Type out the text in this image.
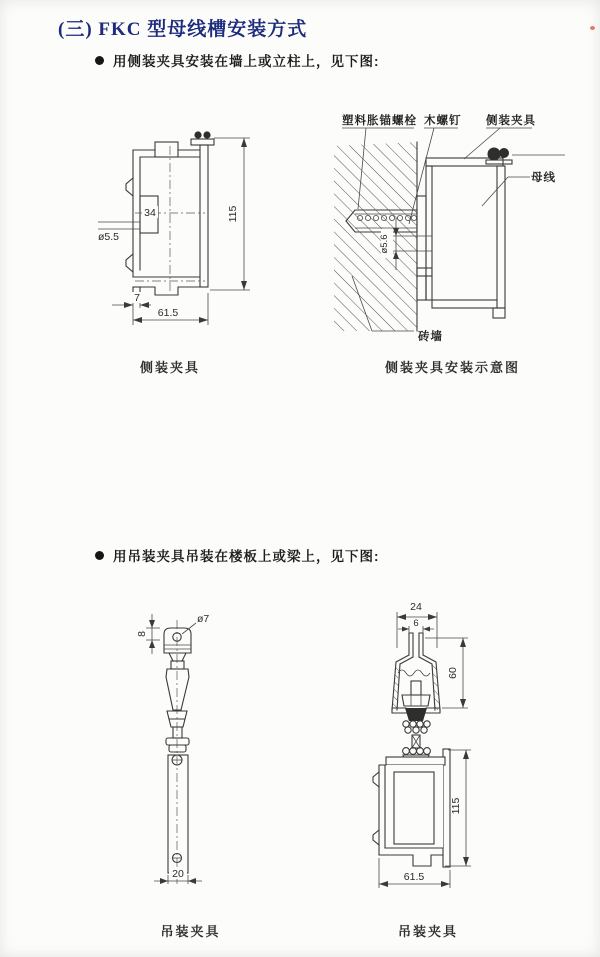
(三) FKC 型母线槽安装方式
用侧装夹具安装在墙上或立柱上，见下图:
34
ø5.5
115
7
61.5
ø5.6
塑料胀锚螺栓 木螺钉 侧装夹具
母线
砖墙
侧装夹具	侧装夹具安装示意图
用吊装夹具吊装在楼板上或梁上，见下图:
ø7
8
20
24
6
60
115
61.5
吊装夹具	吊装夹具
